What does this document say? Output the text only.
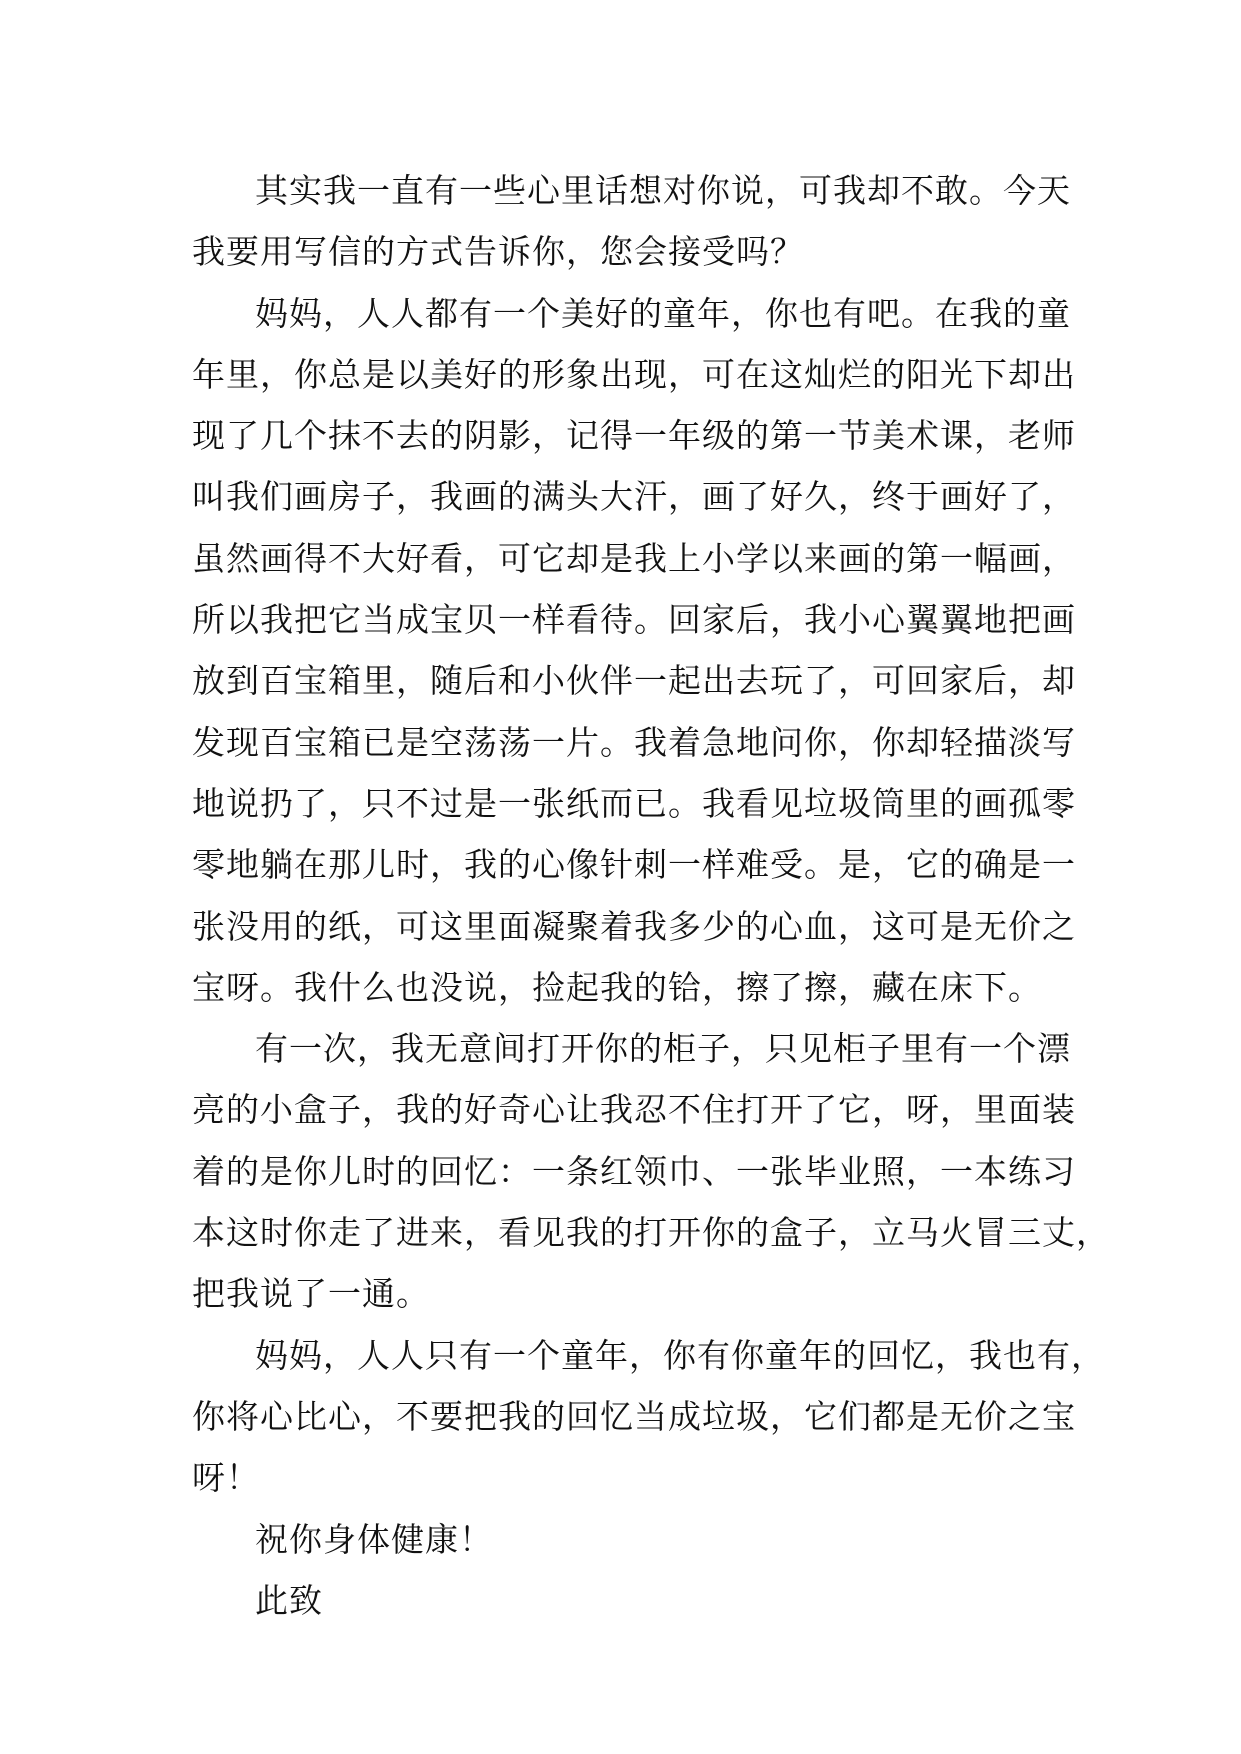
其实我一直有一些心里话想对你说，可我却不敢。今天
我要用写信的方式告诉你，您会接受吗？
妈妈，人人都有一个美好的童年，你也有吧。在我的童
年里，你总是以美好的形象出现，可在这灿烂的阳光下却出
现了几个抹不去的阴影，记得一年级的第一节美术课，老师
叫我们画房子，我画的满头大汗，画了好久，终于画好了，
虽然画得不大好看，可它却是我上小学以来画的第一幅画，
所以我把它当成宝贝一样看待。回家后，我小心翼翼地把画
放到百宝箱里，随后和小伙伴一起出去玩了，可回家后，却
发现百宝箱已是空荡荡一片。我着急地问你，你却轻描淡写
地说扔了，只不过是一张纸而已。我看见垃圾筒里的画孤零
零地躺在那儿时，我的心像针刺一样难受。是，它的确是一
张没用的纸，可这里面凝聚着我多少的心血，这可是无价之
宝呀。我什么也没说，捡起我的铪，擦了擦，藏在床下。
有一次，我无意间打开你的柜子，只见柜子里有一个漂
亮的小盒子，我的好奇心让我忍不住打开了它，呀，里面装
着的是你儿时的回忆：一条红领巾、一张毕业照，一本练习
本这时你走了进来，看见我的打开你的盒子，立马火冒三丈，
把我说了一通。
妈妈，人人只有一个童年，你有你童年的回忆，我也有，
你将心比心，不要把我的回忆当成垃圾，它们都是无价之宝
呀！
祝你身体健康！
此致
